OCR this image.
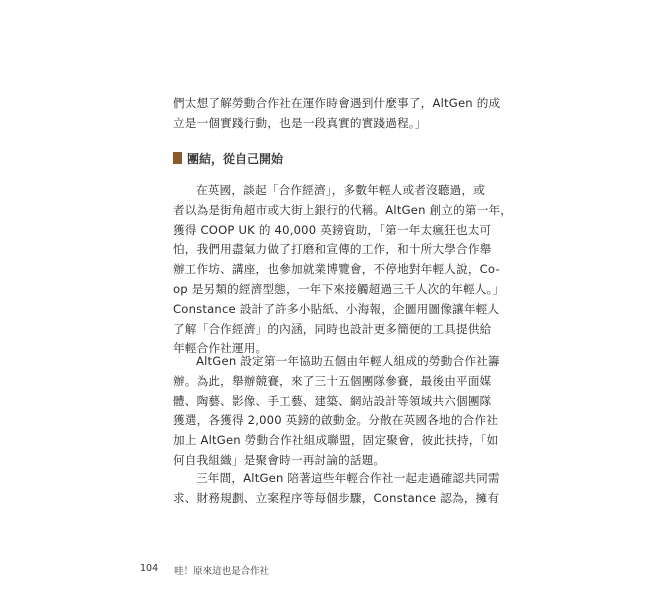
們太想了解勞動合作社在運作時會遇到什麼事了，AltGen 的成
立是一個實踐行動，也是一段真實的實踐過程。」

團結，從自己開始

在英國，談起「合作經濟」，多數年輕人或者沒聽過，或
者以為是街角超市或大街上銀行的代稱。AltGen 創立的第一年，
獲得 COOP UK 的 40,000 英鎊資助，「第一年太瘋狂也太可
怕，我們用盡氣力做了打磨和宣傳的工作，和十所大學合作舉
辦工作坊、講座，也參加就業博覽會，不停地對年輕人說，Co-
op 是另類的經濟型態，一年下來接觸超過三千人次的年輕人。」
Constance 設計了許多小貼紙、小海報，企圖用圖像讓年輕人
了解「合作經濟」的內涵，同時也設計更多簡便的工具提供給
年輕合作社運用。

AltGen 設定第一年協助五個由年輕人組成的勞動合作社籌
辦。為此，舉辦競賽，來了三十五個團隊參賽，最後由平面媒
體、陶藝、影像、手工藝、建築、網站設計等領域共六個團隊
獲選，各獲得 2,000 英鎊的啟動金。分散在英國各地的合作社
加上 AltGen 勞動合作社組成聯盟，固定聚會，彼此扶持，「如
何自我組織」是聚會時一再討論的話題。

三年間，AltGen 陪著這些年輕合作社一起走過確認共同需
求、財務規劃、立案程序等每個步驟，Constance 認為，擁有

104 哇！原來這也是合作社
